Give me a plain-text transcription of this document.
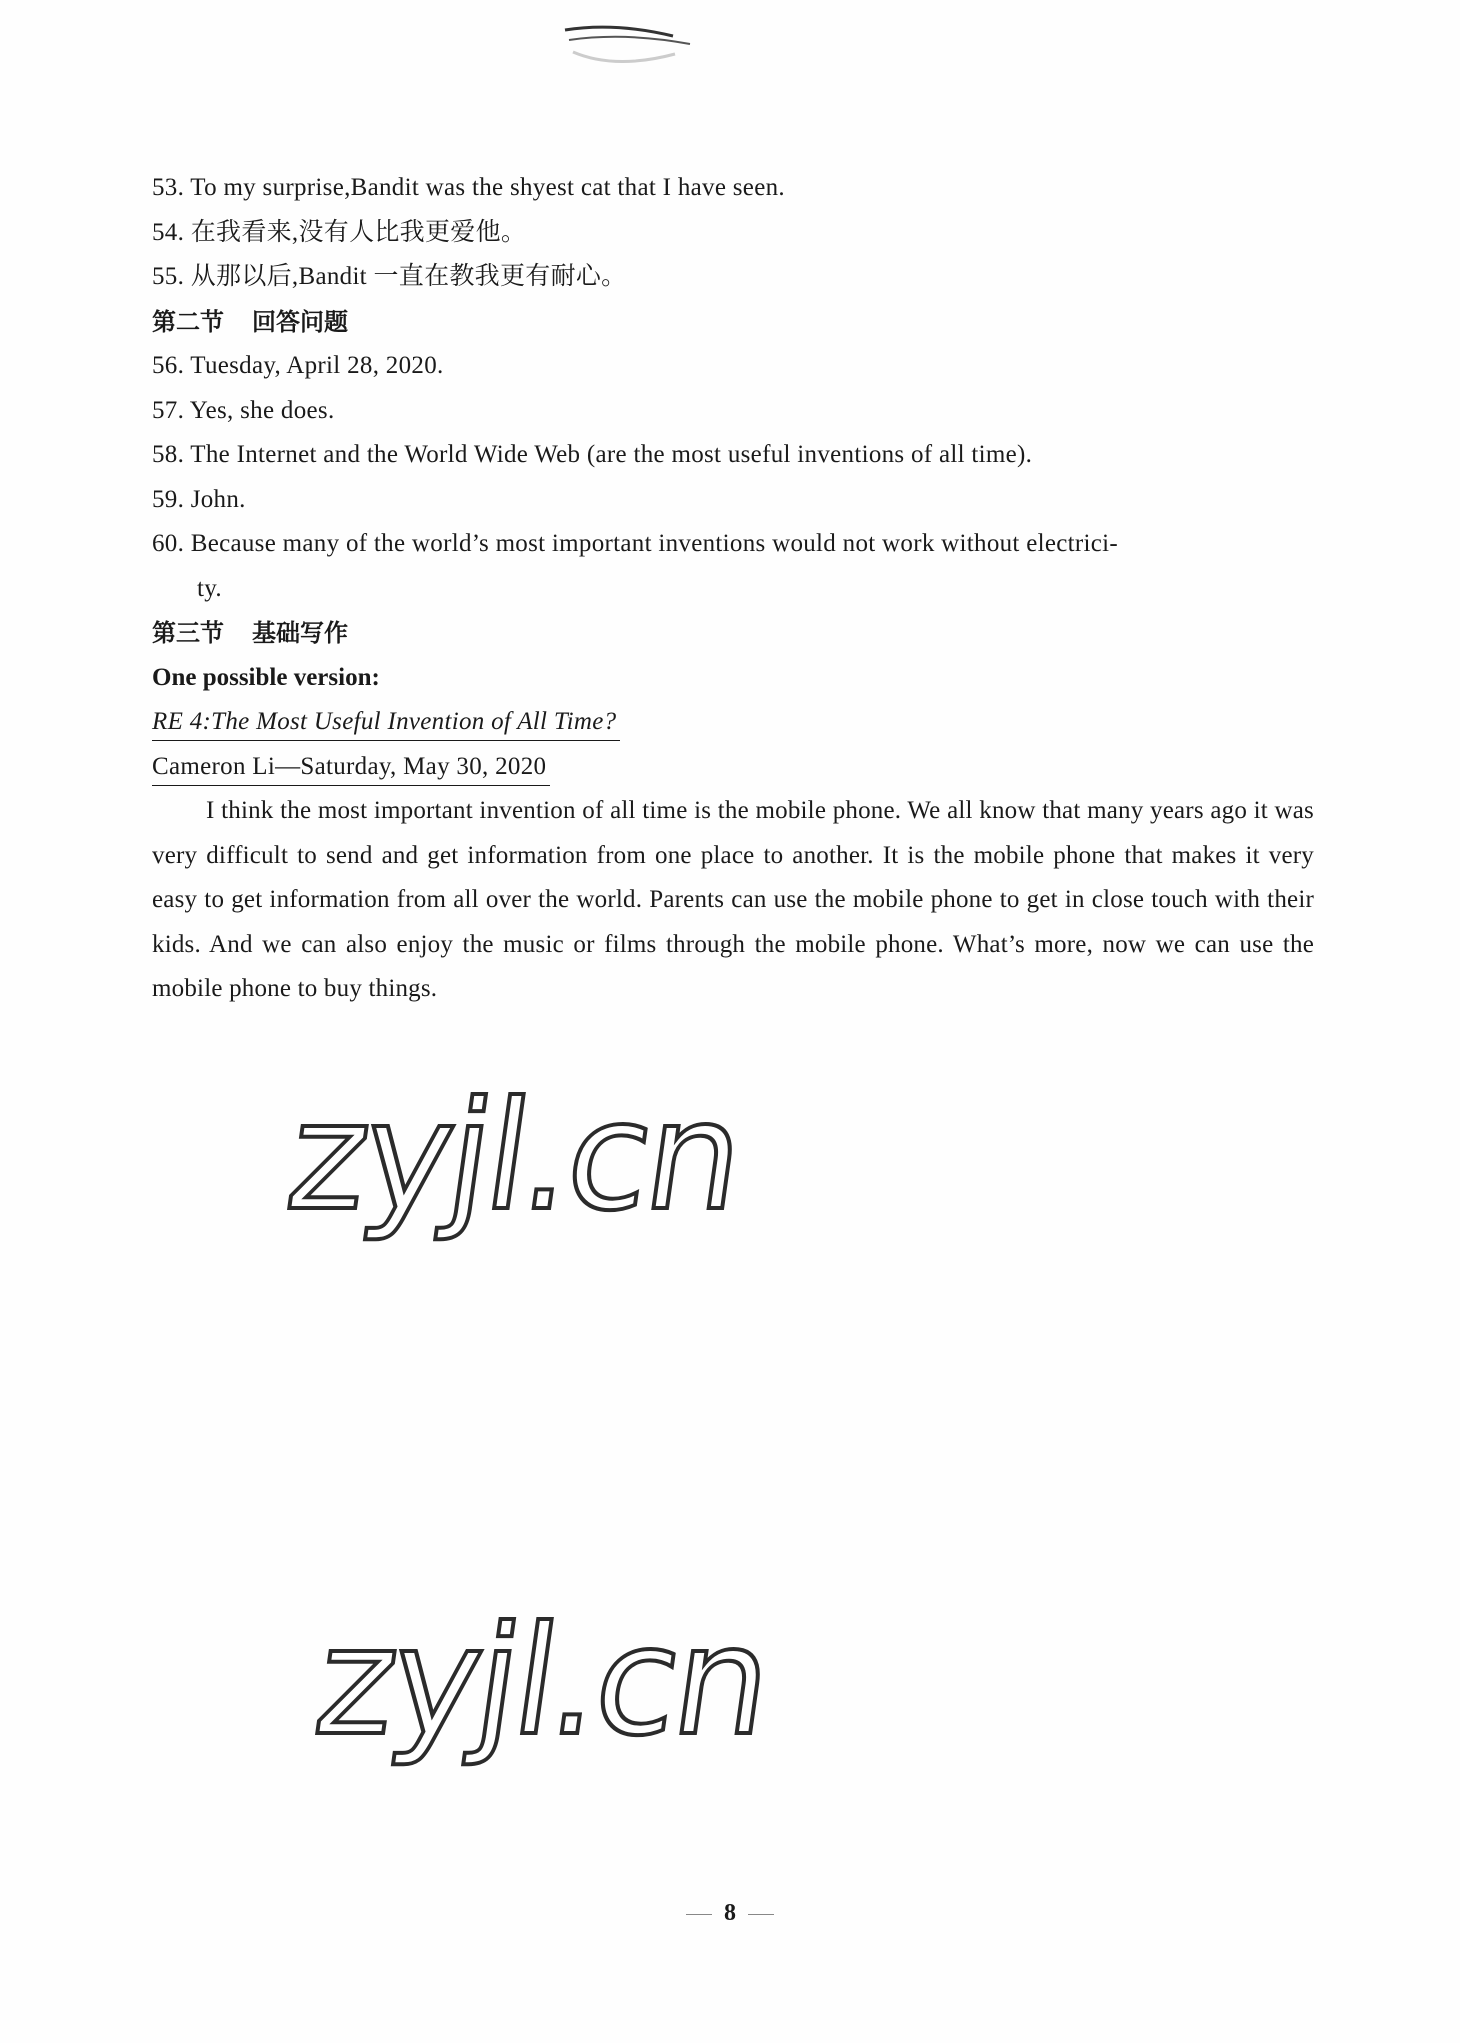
53. To my surprise,Bandit was the shyest cat that I have seen.
54. 在我看来,没有人比我更爱他。
55. 从那以后,Bandit 一直在教我更有耐心。
第二节 回答问题
56. Tuesday, April 28, 2020.
57. Yes, she does.
58. The Internet and the World Wide Web (are the most useful inventions of all time).
59. John.
60. Because many of the world’s most important inventions would not work without electrici-
ty.
第三节 基础写作
One possible version:
RE 4:The Most Useful Invention of All Time?
Cameron Li—Saturday, May 30, 2020
I think the most important invention of all time is the mobile phone. We all know that many years ago it was very difficult to send and get information from one place to another. It is the mobile phone that makes it very easy to get information from all over the world. Parents can use the mobile phone to get in close touch with their kids. And we can also enjoy the music or films through the mobile phone. What’s more, now we can use the mobile phone to buy things.
zyjl.cn
zyjl.cn
8
